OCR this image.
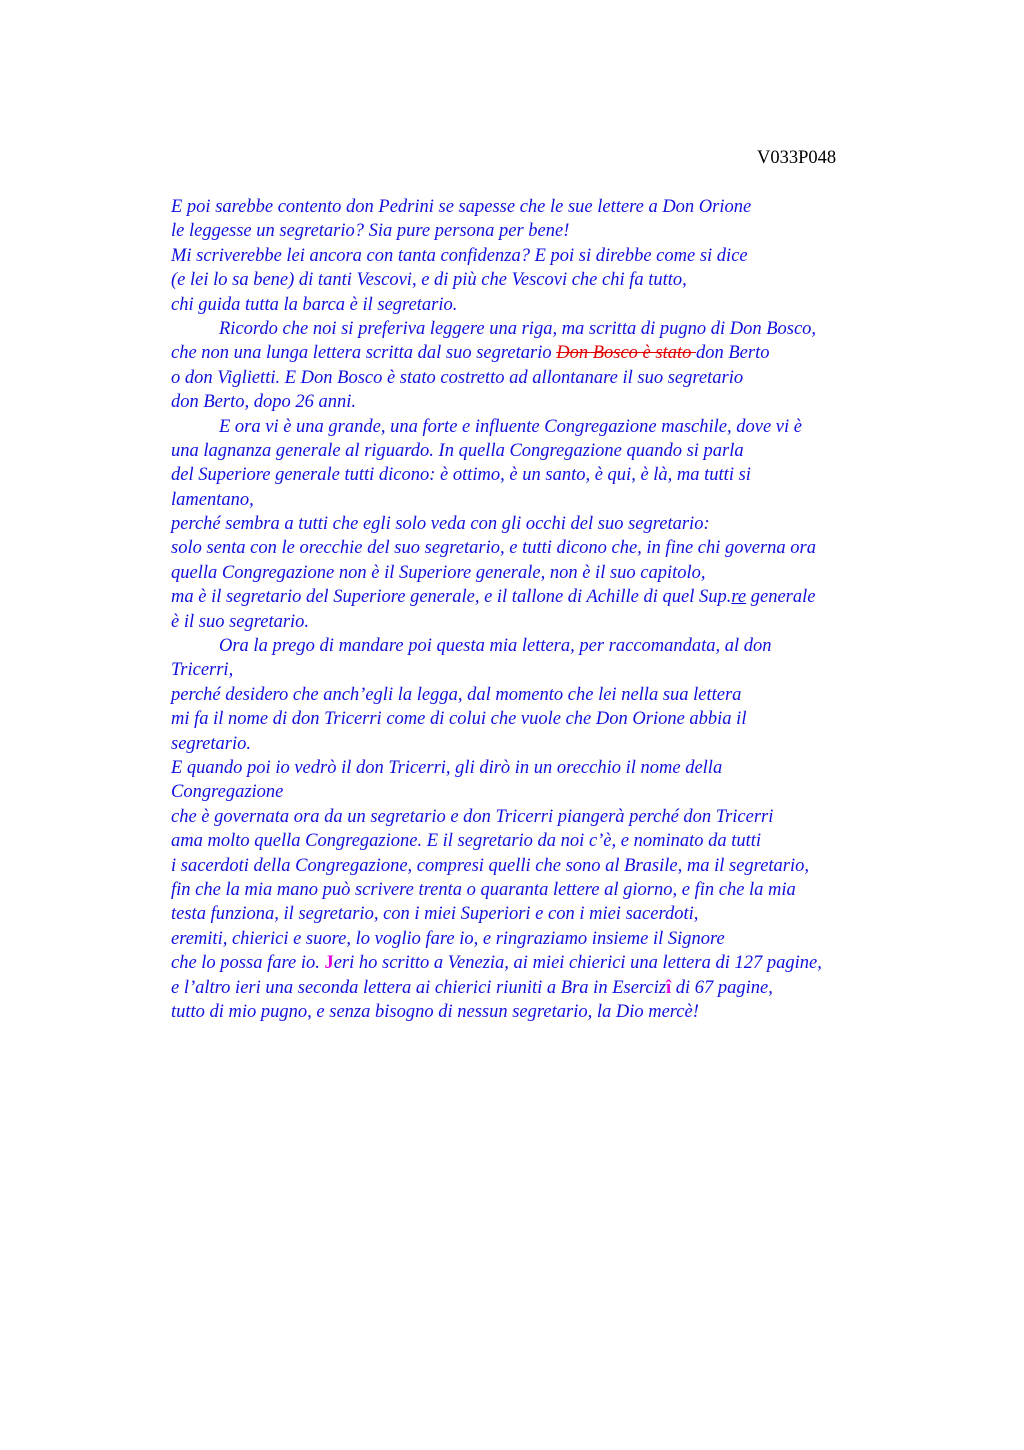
V033P048
E poi sarebbe contento don Pedrini se sapesse che le sue lettere a Don Orione
le leggesse un segretario? Sia pure persona per bene!
Mi scriverebbe lei ancora con tanta confidenza? E poi si direbbe come si dice
(e lei lo sa bene) di tanti Vescovi, e di più che Vescovi che chi fa tutto,
chi guida tutta la barca è il segretario.
Ricordo che noi si preferiva leggere una riga, ma scritta di pugno di Don Bosco,
che non una lunga lettera scritta dal suo segretario Don Bosco è stato don Berto
o don Viglietti. E Don Bosco è stato costretto ad allontanare il suo segretario
don Berto, dopo 26 anni.
E ora vi è una grande, una forte e influente Congregazione maschile, dove vi è
una lagnanza generale al riguardo. In quella Congregazione quando si parla
del Superiore generale tutti dicono: è ottimo, è un santo, è qui, è là, ma tutti si
lamentano,
perché sembra a tutti che egli solo veda con gli occhi del suo segretario:
solo senta con le orecchie del suo segretario, e tutti dicono che, in fine chi governa ora
quella Congregazione non è il Superiore generale, non è il suo capitolo,
ma è il segretario del Superiore generale, e il tallone di Achille di quel Sup.re generale
è il suo segretario.
Ora la prego di mandare poi questa mia lettera, per raccomandata, al don
Tricerri,
perché desidero che anch’egli la legga, dal momento che lei nella sua lettera
mi fa il nome di don Tricerri come di colui che vuole che Don Orione abbia il
segretario.
E quando poi io vedrò il don Tricerri, gli dirò in un orecchio il nome della
Congregazione
che è governata ora da un segretario e don Tricerri piangerà perché don Tricerri
ama molto quella Congregazione. E il segretario da noi c’è, e nominato da tutti
i sacerdoti della Congregazione, compresi quelli che sono al Brasile, ma il segretario,
fin che la mia mano può scrivere trenta o quaranta lettere al giorno, e fin che la mia
testa funziona, il segretario, con i miei Superiori e con i miei sacerdoti,
eremiti, chierici e suore, lo voglio fare io, e ringraziamo insieme il Signore
che lo possa fare io. Jeri ho scritto a Venezia, ai miei chierici una lettera di 127 pagine,
e l’altro ieri una seconda lettera ai chierici riuniti a Bra in Esercizî di 67 pagine,
tutto di mio pugno, e senza bisogno di nessun segretario, la Dio mercè!
